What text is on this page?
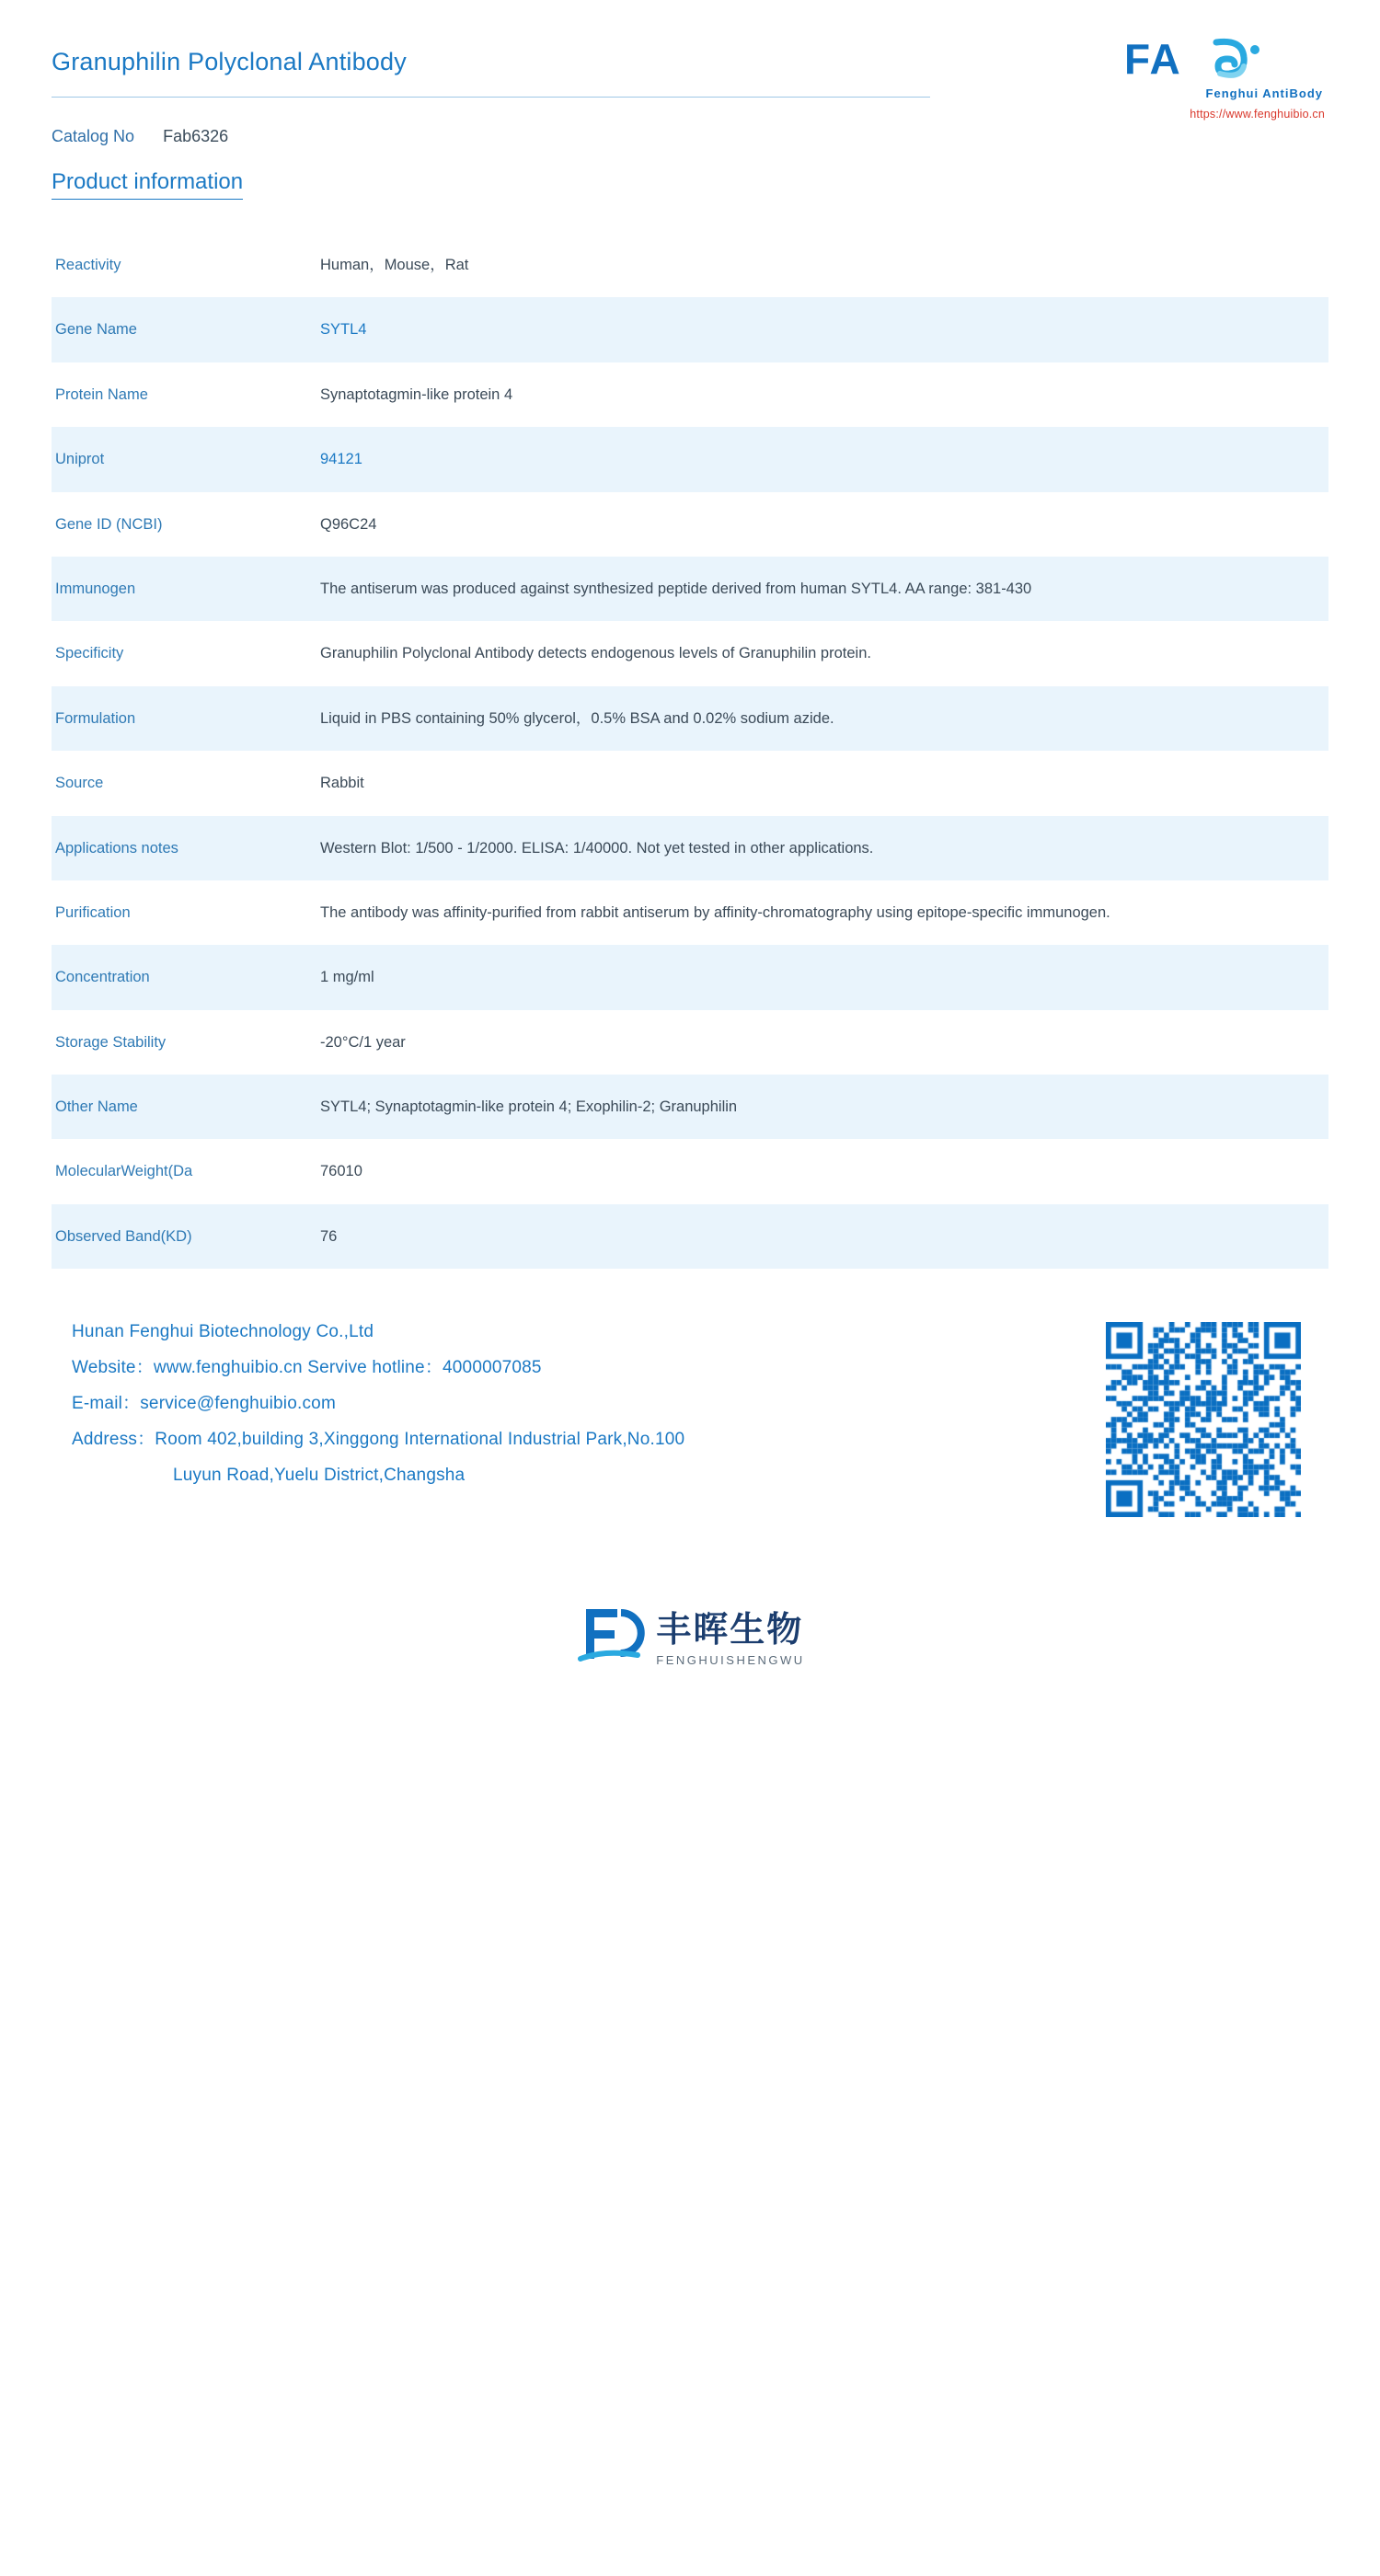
Granuphilin Polyclonal Antibody
Catalog No Fab6326
FA
Fenghui AntiBody
https://www.fenghuibio.cn
Product information
Reactivity	Human，Mouse，Rat
Gene Name	SYTL4
Protein Name	Synaptotagmin-like protein 4
Uniprot	94121
Gene ID (NCBI)	Q96C24
Immunogen	The antiserum was produced against synthesized peptide derived from human SYTL4. AA range: 381-430
Specificity	Granuphilin Polyclonal Antibody detects endogenous levels of Granuphilin protein.
Formulation	Liquid in PBS containing 50% glycerol，0.5% BSA and 0.02% sodium azide.
Source	Rabbit
Applications notes	Western Blot: 1/500 - 1/2000. ELISA: 1/40000. Not yet tested in other applications.
Purification	The antibody was affinity-purified from rabbit antiserum by affinity-chromatography using epitope-specific immunogen.
Concentration	1 mg/ml
Storage Stability	-20°C/1 year
Other Name	SYTL4; Synaptotagmin-like protein 4; Exophilin-2; Granuphilin
MolecularWeight(Da	76010
Observed Band(KD)	76
Hunan Fenghui Biotechnology Co.,Ltd
Website：www.fenghuibio.cn Servive hotline：4000007085
E-mail：service@fenghuibio.com
Address：Room 402,building 3,Xinggong International Industrial Park,No.100
Luyun Road,Yuelu District,Changsha
丰晖生物
FENGHUISHENGWU
